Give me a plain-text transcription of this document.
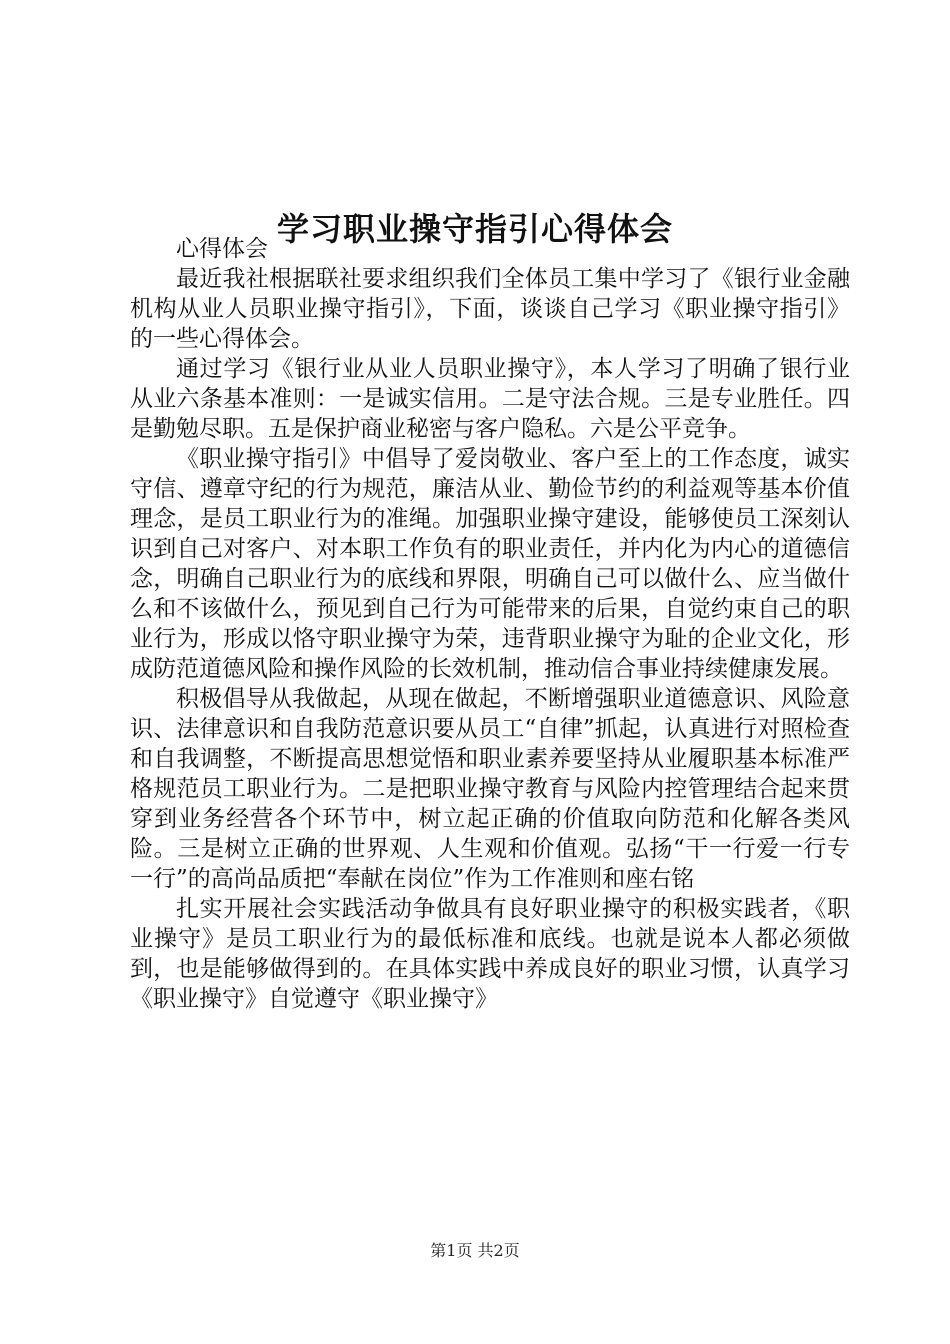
学习职业操守指引心得体会

心得体会

最近我社根据联社要求组织我们全体员工集中学习了《银行业金融机构从业人员职业操守指引》，下面，谈谈自己学习《职业操守指引》的一些心得体会。

通过学习《银行业从业人员职业操守》，本人学习了明确了银行业从业六条基本准则：一是诚实信用。二是守法合规。三是专业胜任。四是勤勉尽职。五是保护商业秘密与客户隐私。六是公平竞争。

《职业操守指引》中倡导了爱岗敬业、客户至上的工作态度，诚实守信、遵章守纪的行为规范，廉洁从业、勤俭节约的利益观等基本价值理念，是员工职业行为的准绳。加强职业操守建设，能够使员工深刻认识到自己对客户、对本职工作负有的职业责任，并内化为内心的道德信念，明确自己职业行为的底线和界限，明确自己可以做什么、应当做什么和不该做什么，预见到自己行为可能带来的后果，自觉约束自己的职业行为，形成以恪守职业操守为荣，违背职业操守为耻的企业文化，形成防范道德风险和操作风险的长效机制，推动信合事业持续健康发展。

积极倡导从我做起，从现在做起，不断增强职业道德意识、风险意识、法律意识和自我防范意识要从员工“自律”抓起，认真进行对照检查和自我调整，不断提高思想觉悟和职业素养要坚持从业履职基本标准严格规范员工职业行为。二是把职业操守教育与风险内控管理结合起来贯穿到业务经营各个环节中，树立起正确的价值取向防范和化解各类风险。三是树立正确的世界观、人生观和价值观。弘扬“干一行爱一行专一行”的高尚品质把“奉献在岗位”作为工作准则和座右铭

扎实开展社会实践活动争做具有良好职业操守的积极实践者，《职业操守》是员工职业行为的最低标准和底线。也就是说本人都必须做到，也是能够做得到的。在具体实践中养成良好的职业习惯，认真学习《职业操守》自觉遵守《职业操守》

第1页 共2页
